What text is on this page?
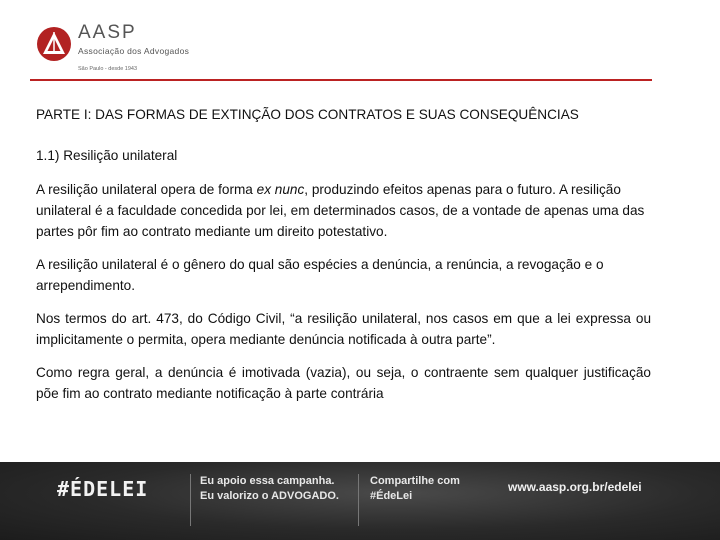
AASP
Associação dos Advogados
São Paulo - desde 1943

PARTE I: DAS FORMAS DE EXTINÇÃO DOS CONTRATOS E SUAS CONSEQUÊNCIAS

1.1) Resilição unilateral

A resilição unilateral opera de forma ex nunc, produzindo efeitos apenas para o futuro. A resilição unilateral é a faculdade concedida por lei, em determinados casos, de a vontade de apenas uma das partes pôr fim ao contrato mediante um direito potestativo.

A resilição unilateral é o gênero do qual são espécies a denúncia, a renúncia, a revogação e o arrependimento.

Nos termos do art. 473, do Código Civil, “a resilição unilateral, nos casos em que a lei expressa ou implicitamente o permita, opera mediante denúncia notificada à outra parte”.

Como regra geral, a denúncia é imotivada (vazia), ou seja, o contraente sem qualquer justificação põe fim ao contrato mediante notificação à parte contrária

#ÉDELEI	Eu apoio essa campanha.
Eu valorizo o ADVOGADO.
Compartilhe com
#ÉdeLei
www.aasp.org.br/edelei
